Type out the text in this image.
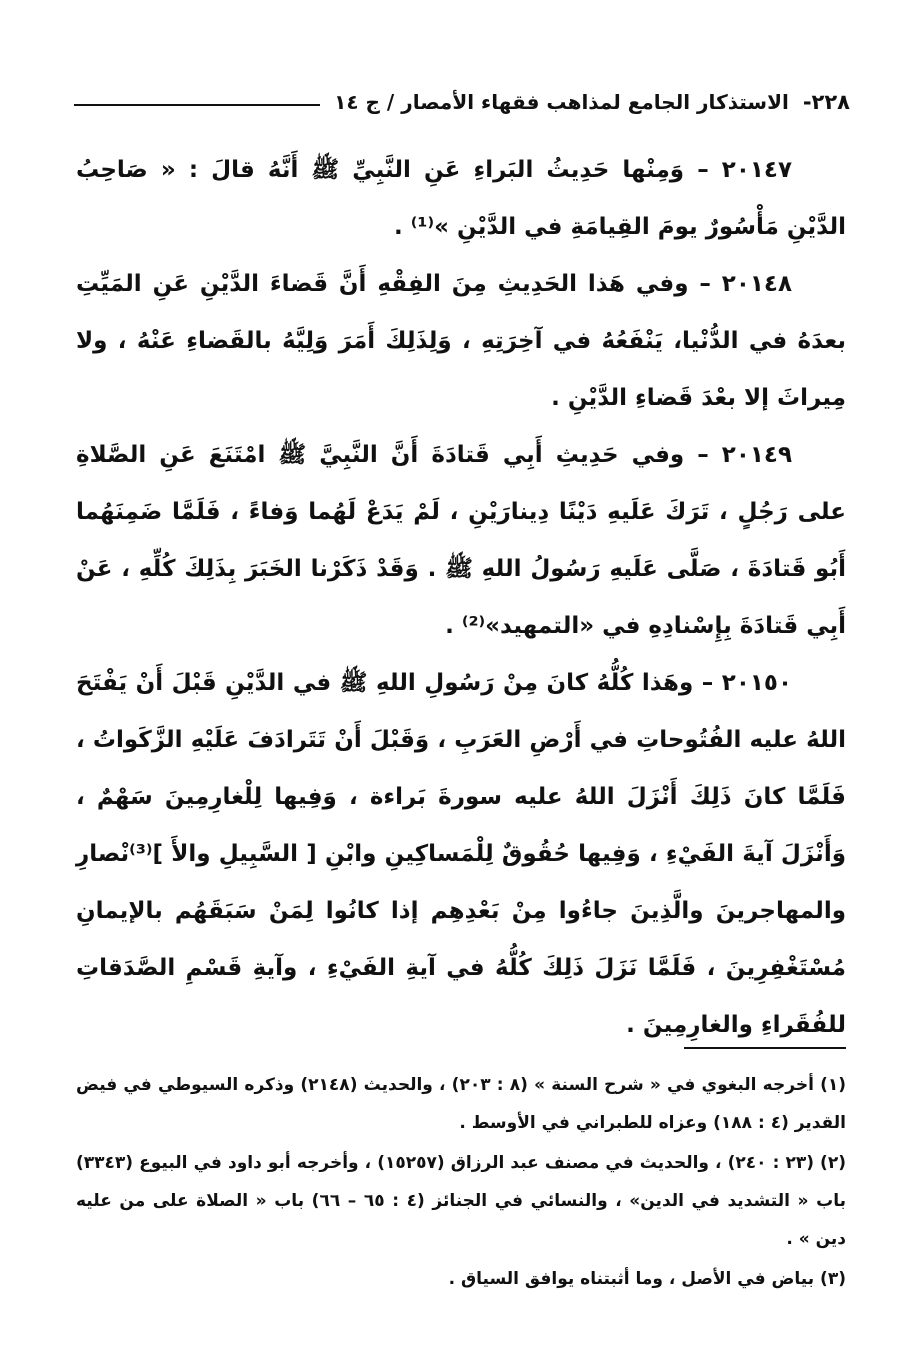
٢٢٨-
الاستذكار الجامع لمذاهب فقهاء الأمصار / ج ١٤

٢٠١٤٧ – وَمِنْها حَدِيثُ البَراءِ عَنِ النَّبِيِّ ﷺ أَنَّهُ قالَ : « صَاحِبُ الدَّيْنِ مَأْسُورٌ يومَ القِيامَةِ في الدَّيْنِ »⁽¹⁾ .

٢٠١٤٨ – وفي هَذا الحَدِيثِ مِنَ الفِقْهِ أَنَّ قَضاءَ الدَّيْنِ عَنِ المَيِّتِ بعدَهُ في الدُّنْيا، يَنْفَعُهُ في آخِرَتِهِ ، وَلِذَلِكَ أَمَرَ وَلِيَّهُ بالقَضاءِ عَنْهُ ، ولا مِيراثَ إلا بعْدَ قَضاءِ الدَّيْنِ .

٢٠١٤٩ – وفي حَدِيثِ أَبِي قَتادَةَ أَنَّ النَّبِيَّ ﷺ امْتَنَعَ عَنِ الصَّلاةِ على رَجُلٍ ، تَرَكَ عَلَيهِ دَيْنًا دِينارَيْنِ ، لَمْ يَدَعْ لَهُما وَفاءً ، فَلَمَّا ضَمِنَهُما أَبُو قَتادَةَ ، صَلَّى عَلَيهِ رَسُولُ اللهِ ﷺ . وَقَدْ ذَكَرْنا الخَبَرَ بِذَلِكَ كُلِّهِ ، عَنْ أَبِي قَتادَةَ بِإِسْنادِهِ في «التمهيد»⁽²⁾ .

٢٠١٥٠ – وهَذا كُلُّهُ كانَ مِنْ رَسُولِ اللهِ ﷺ في الدَّيْنِ قَبْلَ أَنْ يَفْتَحَ اللهُ عليه الفُتُوحاتِ في أَرْضِ العَرَبِ ، وَقَبْلَ أَنْ تَتَرادَفَ عَلَيْهِ الزَّكَواتُ ، فَلَمَّا كانَ ذَلِكَ أَنْزَلَ اللهُ عليه سورةَ بَراءة ، وَفِيها لِلْغارِمِينَ سَهْمٌ ، وَأَنْزَلَ آيةَ الفَيْءِ ، وَفِيها حُقُوقٌ لِلْمَساكِينِ وابْنِ [ السَّبِيلِ والأَ ]⁽³⁾نْصارِ والمهاجرينَ والَّذِينَ جاءُوا مِنْ بَعْدِهِم إذا كانُوا لِمَنْ سَبَقَهُم بالإيمانِ مُسْتَغْفِرِينَ ، فَلَمَّا نَزَلَ ذَلِكَ كُلُّهُ في آيةِ الفَيْءِ ، وآيةِ قَسْمِ الصَّدَقاتِ للفُقَراءِ والغارِمِينَ .

(١) أخرجه البغوي في « شرح السنة » (٨ : ٢٠٣) ، والحديث (٢١٤٨) وذكره السيوطي في فيض القدير (٤ : ١٨٨) وعزاه للطبراني في الأوسط .

(٢) (٢٣ : ٢٤٠) ، والحديث في مصنف عبد الرزاق (١٥٢٥٧) ، وأخرجه أبو داود في البيوع (٣٣٤٣) باب « التشديد في الدين» ، والنسائي في الجنائز (٤ : ٦٥ – ٦٦) باب « الصلاة على من عليه دين » .

(٣) بياض في الأصل ، وما أثبتناه يوافق السياق .
